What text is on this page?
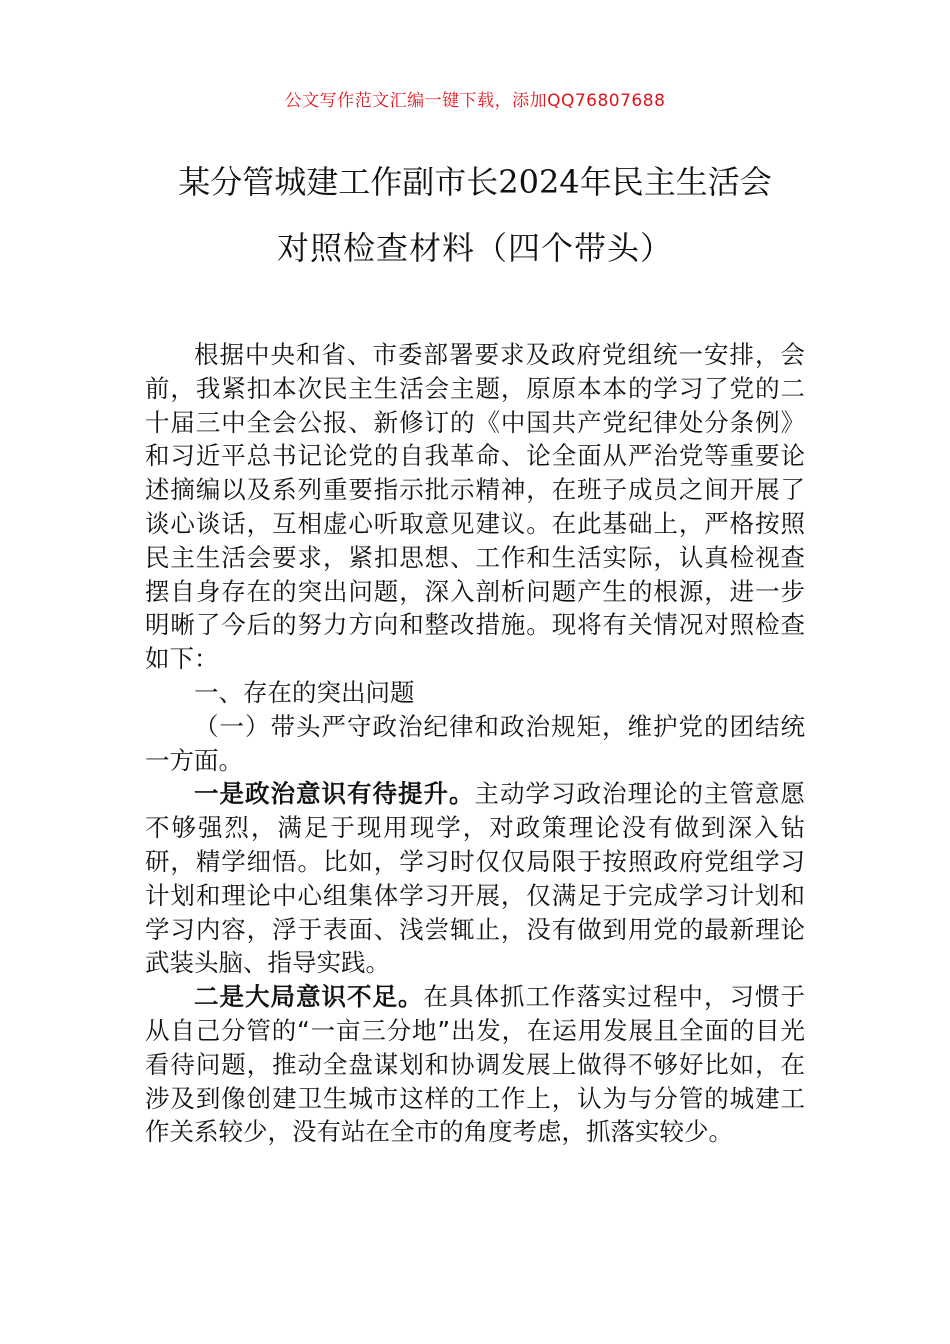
公文写作范文汇编一键下载，添加QQ76807688
某分管城建工作副市长2024年民主生活会
对照检查材料（四个带头）

根据中央和省、市委部署要求及政府党组统一安排，会前，我紧扣本次民主生活会主题，原原本本的学习了党的二十届三中全会公报、新修订的《中国共产党纪律处分条例》和习近平总书记论党的自我革命、论全面从严治党等重要论述摘编以及系列重要指示批示精神，在班子成员之间开展了谈心谈话，互相虚心听取意见建议。在此基础上，严格按照民主生活会要求，紧扣思想、工作和生活实际，认真检视查摆自身存在的突出问题，深入剖析问题产生的根源，进一步明晰了今后的努力方向和整改措施。现将有关情况对照检查如下：

一、存在的突出问题

（一）带头严守政治纪律和政治规矩，维护党的团结统一方面。

一是政治意识有待提升。主动学习政治理论的主管意愿不够强烈，满足于现用现学，对政策理论没有做到深入钻研，精学细悟。比如，学习时仅仅局限于按照政府党组学习计划和理论中心组集体学习开展，仅满足于完成学习计划和学习内容，浮于表面、浅尝辄止，没有做到用党的最新理论武装头脑、指导实践。

二是大局意识不足。在具体抓工作落实过程中，习惯于从自己分管的“一亩三分地”出发，在运用发展且全面的目光看待问题，推动全盘谋划和协调发展上做得不够好比如，在涉及到像创建卫生城市这样的工作上，认为与分管的城建工作关系较少，没有站在全市的角度考虑，抓落实较少。
